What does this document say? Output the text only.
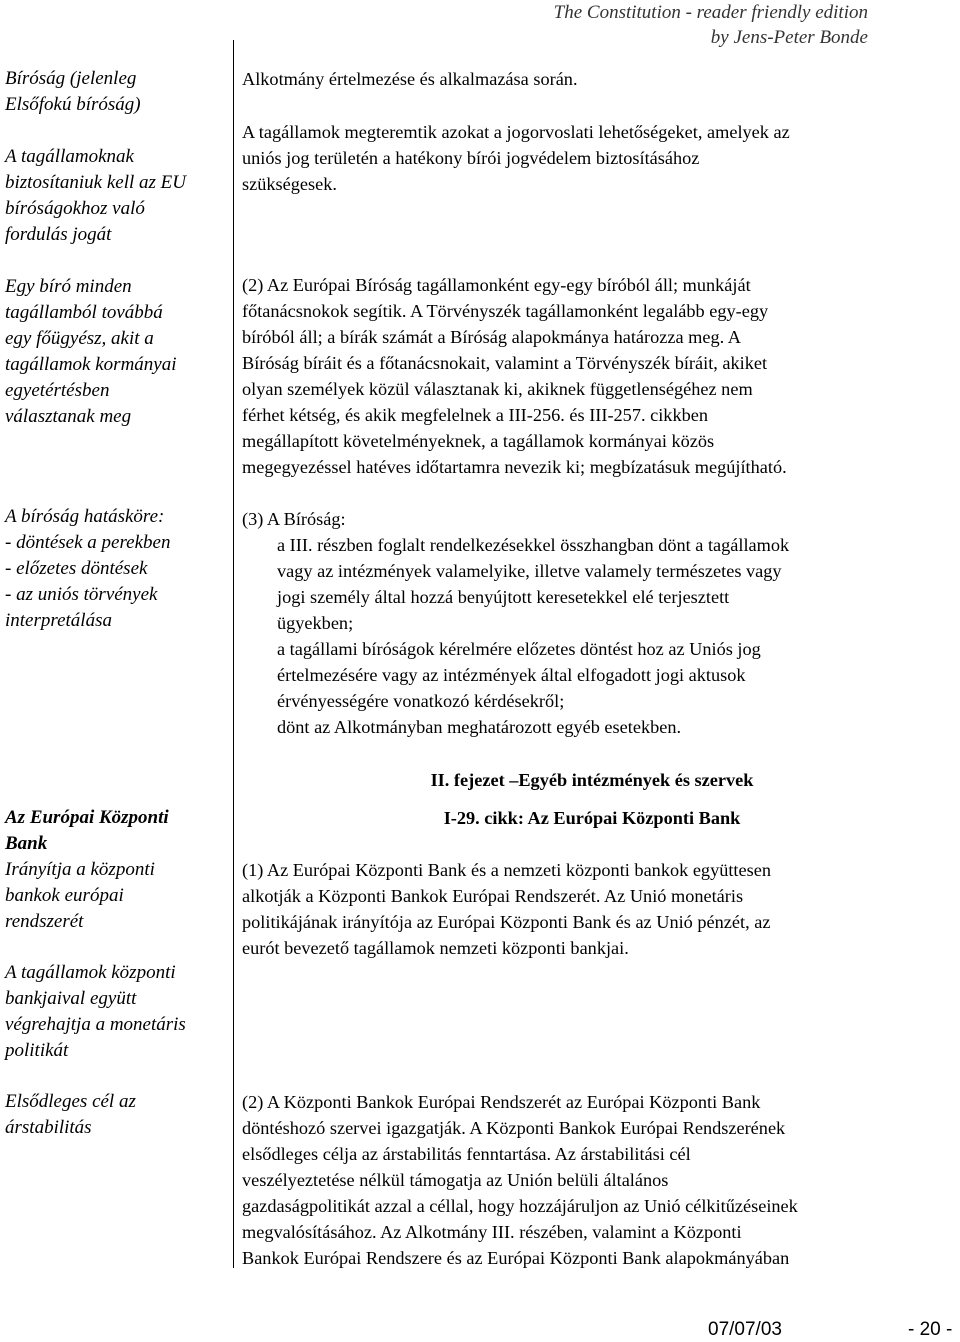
The Constitution - reader friendly edition
by Jens-Peter Bonde
Bíróság (jelenleg
Elsőfokú bíróság)
A tagállamoknak
biztosítaniuk kell az EU
bíróságokhoz való
fordulás jogát
Egy bíró minden
tagállamból továbbá
egy főügyész, akit a
tagállamok kormányai
egyetértésben
választanak meg
A bíróság hatásköre:
- döntések a perekben
- előzetes döntések
- az uniós törvények
interpretálása
Az Európai Központi
Bank
Irányítja a központi
bankok európai
rendszerét
A tagállamok központi
bankjaival együtt
végrehajtja a monetáris
politikát
Elsődleges cél az
árstabilitás
Alkotmány értelmezése és alkalmazása során.
A tagállamok megteremtik azokat a jogorvoslati lehetőségeket, amelyek az
uniós jog területén a hatékony bírói jogvédelem biztosításához
szükségesek.
(2) Az Európai Bíróság tagállamonként egy-egy bíróból áll; munkáját
főtanácsnokok segítik. A Törvényszék tagállamonként legalább egy-egy
bíróból áll; a bírák számát a Bíróság alapokmánya határozza meg. A
Bíróság bíráit és a főtanácsnokait, valamint a Törvényszék bíráit, akiket
olyan személyek közül választanak ki, akiknek függetlenségéhez nem
férhet kétség, és akik megfelelnek a III-256. és III-257. cikkben
megállapított követelményeknek, a tagállamok kormányai közös
megegyezéssel hatéves időtartamra nevezik ki; megbízatásuk megújítható.
(3) A Bíróság:
a III. részben foglalt rendelkezésekkel összhangban dönt a tagállamok
vagy az intézmények valamelyike, illetve valamely természetes vagy
jogi személy által hozzá benyújtott keresetekkel elé terjesztett
ügyekben;
a tagállami bíróságok kérelmére előzetes döntést hoz az Uniós jog
értelmezésére vagy az intézmények által elfogadott jogi aktusok
érvényességére vonatkozó kérdésekről;
dönt az Alkotmányban meghatározott egyéb esetekben.
II. fejezet –Egyéb intézmények és szervek
I-29. cikk: Az Európai Központi Bank
(1) Az Európai Központi Bank és a nemzeti központi bankok együttesen
alkotják a Központi Bankok Európai Rendszerét. Az Unió monetáris
politikájának irányítója az Európai Központi Bank és az Unió pénzét, az
eurót bevezető tagállamok nemzeti központi bankjai.
(2) A Központi Bankok Európai Rendszerét az Európai Központi Bank
döntéshozó szervei igazgatják. A Központi Bankok Európai Rendszerének
elsődleges célja az árstabilitás fenntartása. Az árstabilitási cél
veszélyeztetése nélkül támogatja az Unión belüli általános
gazdaságpolitikát azzal a céllal, hogy hozzájáruljon az Unió célkitűzéseinek
megvalósításához. Az Alkotmány III. részében, valamint a Központi
Bankok Európai Rendszere és az Európai Központi Bank alapokmányában
07/07/03	- 20 -
